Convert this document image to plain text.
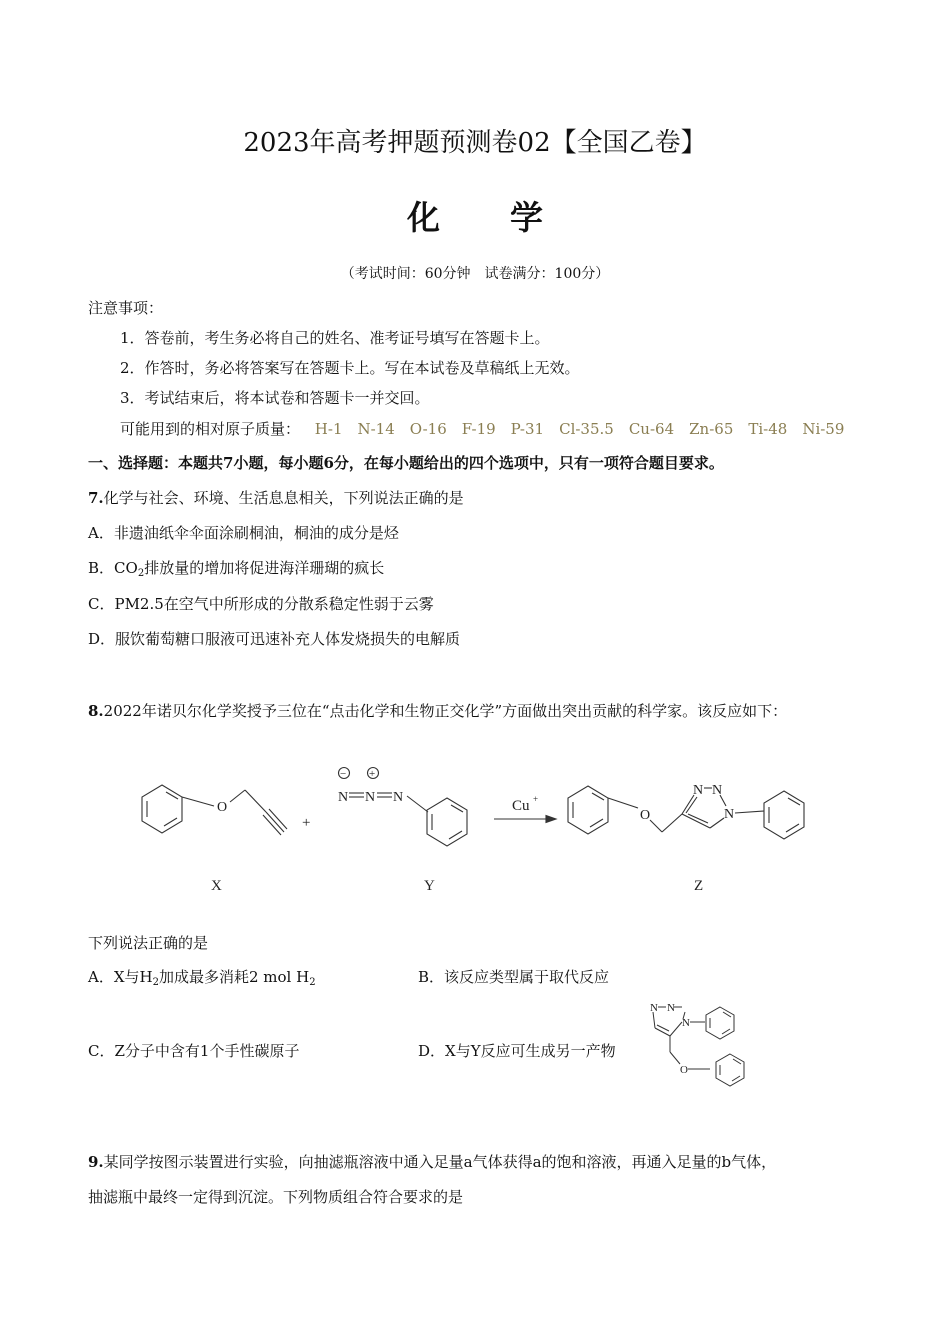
2023年高考押题预测卷02【全国乙卷】
化学
（考试时间：60分钟　试卷满分：100分）
注意事项：
1．答卷前，考生务必将自己的姓名、准考证号填写在答题卡上。
2．作答时，务必将答案写在答题卡上。写在本试卷及草稿纸上无效。
3．考试结束后，将本试卷和答题卡一并交回。
可能用到的相对原子质量： H-1　N-14　O-16　F-19　P-31　Cl-35.5　Cu-64　Zn-65　Ti-48　Ni-59
一、选择题：本题共7小题，每小题6分，在每小题给出的四个选项中，只有一项符合题目要求。
7.化学与社会、环境、生活息息相关，下列说法正确的是
A．非遗油纸伞伞面涂刷桐油，桐油的成分是烃
B．$CO_2$排放量的增加将促进海洋珊瑚的疯长
C．PM2.5在空气中所形成的分散系稳定性弱于云雾
D．服饮葡萄糖口服液可迅速补充人体发烧损失的电解质
8.2022年诺贝尔化学奖授予三位在“点击化学和生物正交化学”方面做出突出贡献的科学家。该反应如下：
O
N N N
− +
O
N N
N
+
Cu +
X	Y	Z
下列说法正确的是
A．X与$H_2$加成最多消耗2 mol $H_2$	B．该反应类型属于取代反应
C．Z分子中含有1个手性碳原子	D．X与Y反应可生成另一产物
N N
N
O
9.某同学按图示装置进行实验，向抽滤瓶溶液中通入足量a气体获得a的饱和溶液，再通入足量的b气体，
抽滤瓶中最终一定得到沉淀。下列物质组合符合要求的是
